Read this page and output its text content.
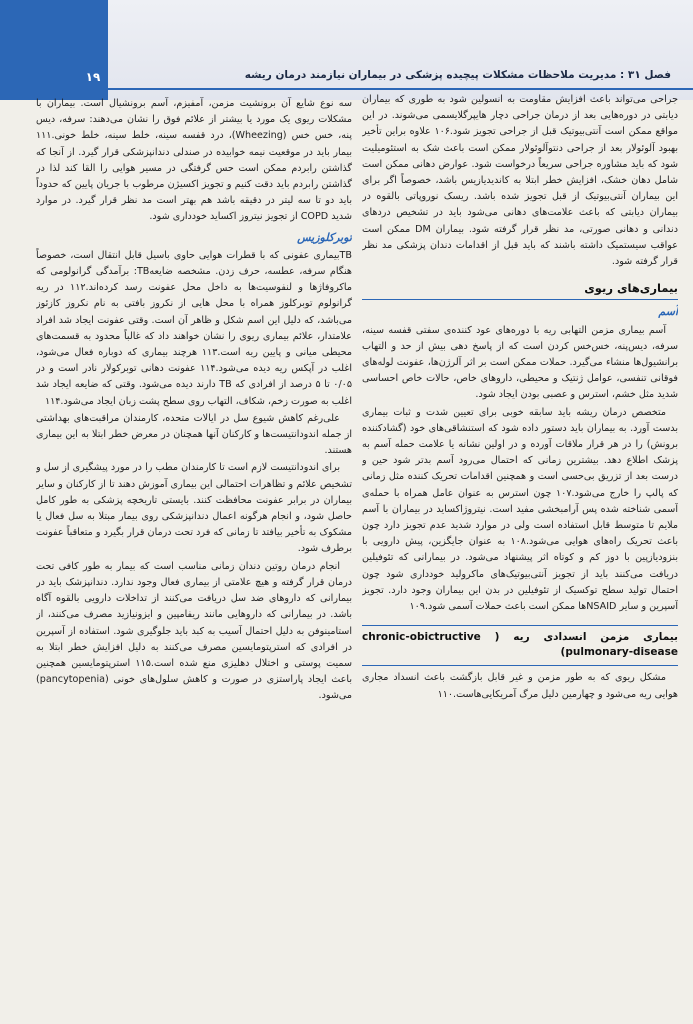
۱۹	فصل ۳۱ : مدیریت ملاحظات مشکلات پیچیده پزشکی در بیماران نیازمند درمان ریشه

جراحی می‌تواند باعث افزایش مقاومت به انسولین شود به طوری که بیماران دیابتی در دوره‌هایی بعد از درمان جراحی دچار هایپرگلایسمی می‌شوند. در این مواقع ممکن است آنتی‌بیوتیک قبل از جراحی تجویز شود.۱۰۶ علاوه براین تأخیر بهبود آلوئولار بعد از جراحی دنتوآلوئولار ممکن است باعث شک به استئومیلیت شود که باید مشاوره جراحی سریعاً درخواست شود. عوارض دهانی ممکن است شامل دهان خشک، افزایش خطر ابتلا به کاندیدیازیس باشد، خصوصاً اگر برای این بیماران آنتی‌بیوتیک از قبل تجویز شده باشد. ریسک نوروپاتی بالقوه در بیماران دیابتی که باعث علامت‌های دهانی می‌شود باید در تشخیص دردهای دندانی و دهانی صورتی، مد نظر قرار گرفته شود. بیماران DM ممکن است عواقب سیستمیک داشته باشند که باید قبل از اقدامات دندان پزشکی مد نظر قرار گرفته شود.

بیماری‌های ریوی
آسم

آسم بیماری مزمن التهابی ریه با دوره‌های عود کننده‌ی سفتی قفسه سینه، سرفه، دیس‌پنه، خس‌خس کردن است که از پاسخ دهی بیش از حد و التهاب برانشیول‌ها منشاء می‌گیرد. حملات ممکن است بر اثر آلرژن‌ها، عفونت لوله‌های فوقانی تنفسی، عوامل ژنتیک و محیطی، داروهای خاص، حالات خاص احساسی شدید مثل خشم، استرس و عصبی بودن ایجاد شود.

متخصص درمان ریشه باید سابقه خوبی برای تعیین شدت و ثبات بیماری بدست آورد. به بیماران باید دستور داده شود که استنشاقی‌های خود (گشادکننده برونش) را در هر قرار ملاقات آورده و در اولین نشانه یا علامت حمله آسم به پزشک اطلاع دهد. بیشترین زمانی که احتمال می‌رود آسم بدتر شود حین و درست بعد از تزریق بی‌حسی است و همچنین اقدامات تحریک کننده مثل زمانی که پالپ را خارج می‌شود.۱۰۷ چون استرس به عنوان عامل همراه با حمله‌ی آسمی شناخته شده پس آرامبخشی مفید است. نیتروژاکساید در بیماران با آسم ملایم تا متوسط قابل استفاده است ولی در موارد شدید عدم تجویز دارد چون باعث تحریک راه‌های هوایی می‌شود.۱۰۸ به عنوان جایگزین، پیش دارویی با بنزودیازپین با دوز کم و کوتاه اثر پیشنهاد می‌شود. در بیمارانی که تئوفیلین دریافت می‌کنند باید از تجویز آنتی‌بیوتیک‌های ماکرولید خودداری شود چون احتمال تولید سطح توکسیک از تئوفیلین در بدن این بیماران وجود دارد. تجویز آسپرین و سایر NSAIDها ممکن است باعث حملات آسمی شود.۱۰۹

بیماری مزمن انسدادی ریه ( chronic-obictructive pulmonary-disease)

مشکل ریوی که به طور مزمن و غیر قابل بازگشت باعث انسداد مجاری هوایی ریه می‌شود و چهارمین دلیل مرگ آمریکایی‌هاست.۱۱۰

سه نوع شایع آن برونشیت مزمن، آمفیزم، آسم برونشیال است. بیماران با مشکلات ریوی یک مورد یا بیشتر از علائم فوق را نشان می‌دهند: سرفه، دیس پنه، خس خس (Wheezing)، درد قفسه سینه، خلط سینه، خلط خونی.۱۱۱ بیمار باید در موقعیت نیمه خوابیده در صندلی دندانپزشکی قرار گیرد. از آنجا که گذاشتن رابردم ممکن است حس گرفتگی در مسیر هوایی را القا کند لذا در گذاشتن رابردم باید دقت کنیم و تجویز اکسیژن مرطوب با جریان پایین که حدوداً باید دو تا سه لیتر در دقیقه باشد هم بهتر است مد نظر قرار گیرد. در موارد شدید COPD از تجویز نیتروز اکساید خودداری شود.

توبرکلوزیس

TBبیماری عفونی که با قطرات هوایی حاوی باسیل قابل انتقال است، خصوصاً هنگام سرفه، عطسه، حرف زدن. مشخصه ضایعهTB: برآمدگی گرانولومی که ماکروفاژها و لنفوسیت‌ها به داخل محل عفونت رسد کرده‌اند.۱۱۲ در ریه گرانولوم توبرکلوز همراه با محل هایی از نکروز بافتی به نام نکروز کازئوز می‌باشد، که دلیل این اسم شکل و ظاهر آن است. وقتی عفونت ایجاد شد افراد علامتدار، علائم بیماری ریوی را نشان خواهند داد که غالباً محدود به قسمت‌های محیطی میانی و پایین ریه است.۱۱۳ هرچند بیماری که دوباره فعال می‌شود، اغلب در آپکس ریه دیده می‌شود.۱۱۴ عفونت دهانی توبرکولار نادر است و در ۰/۰۵ تا ۵ درصد از افرادی که TB دارند دیده می‌شود. وقتی که ضایعه ایجاد شد اغلب به صورت زخم، شکاف، التهاب روی سطح پشت زبان ایجاد می‌شود.۱۱۴

علی‌رغم کاهش شیوع سل در ایالات متحده، کارمندان مراقبت‌های بهداشتی از جمله اندودانتیست‌ها و کارکنان آنها همچنان در معرض خطر ابتلا به این بیماری هستند.

برای اندودانتیست لازم است تا کارمندان مطب را در مورد پیشگیری از سل و تشخیص علائم و تظاهرات احتمالی این بیماری آموزش دهند تا از کارکنان و سایر بیماران در برابر عفونت محافظت کنند. بایستی تاریخچه پزشکی به طور کامل حاصل شود، و انجام هرگونه اعمال دندانپزشکی روی بیمار مبتلا به سل فعال یا مشکوک به تأخیر بیافتد تا زمانی که فرد تحت درمان قرار بگیرد و متعاقباً عفونت برطرف شود.

انجام درمان روتین دندان زمانی مناسب است که بیمار به طور کافی تحت درمان قرار گرفته و هیچ علامتی از بیماری فعال وجود ندارد. دندانپزشک باید در بیمارانی که داروهای ضد سل دریافت می‌کنند از تداخلات دارویی بالقوه آگاه باشد. در بیمارانی که داروهایی مانند ریفامپین و ایزونیازید مصرف می‌کنند، از استامینوفن به دلیل احتمال آسیب به کبد باید جلوگیری شود. استفاده از آسپرین در افرادی که استرپتومایسین مصرف می‌کنند به دلیل افزایش خطر ابتلا به سمیت پوستی و اختلال دهلیزی منع شده است.۱۱۵ استرپتومایسین همچنین باعث ایجاد پاراستزی در صورت و کاهش سلول‌های خونی (pancytopenia) می‌شود.
